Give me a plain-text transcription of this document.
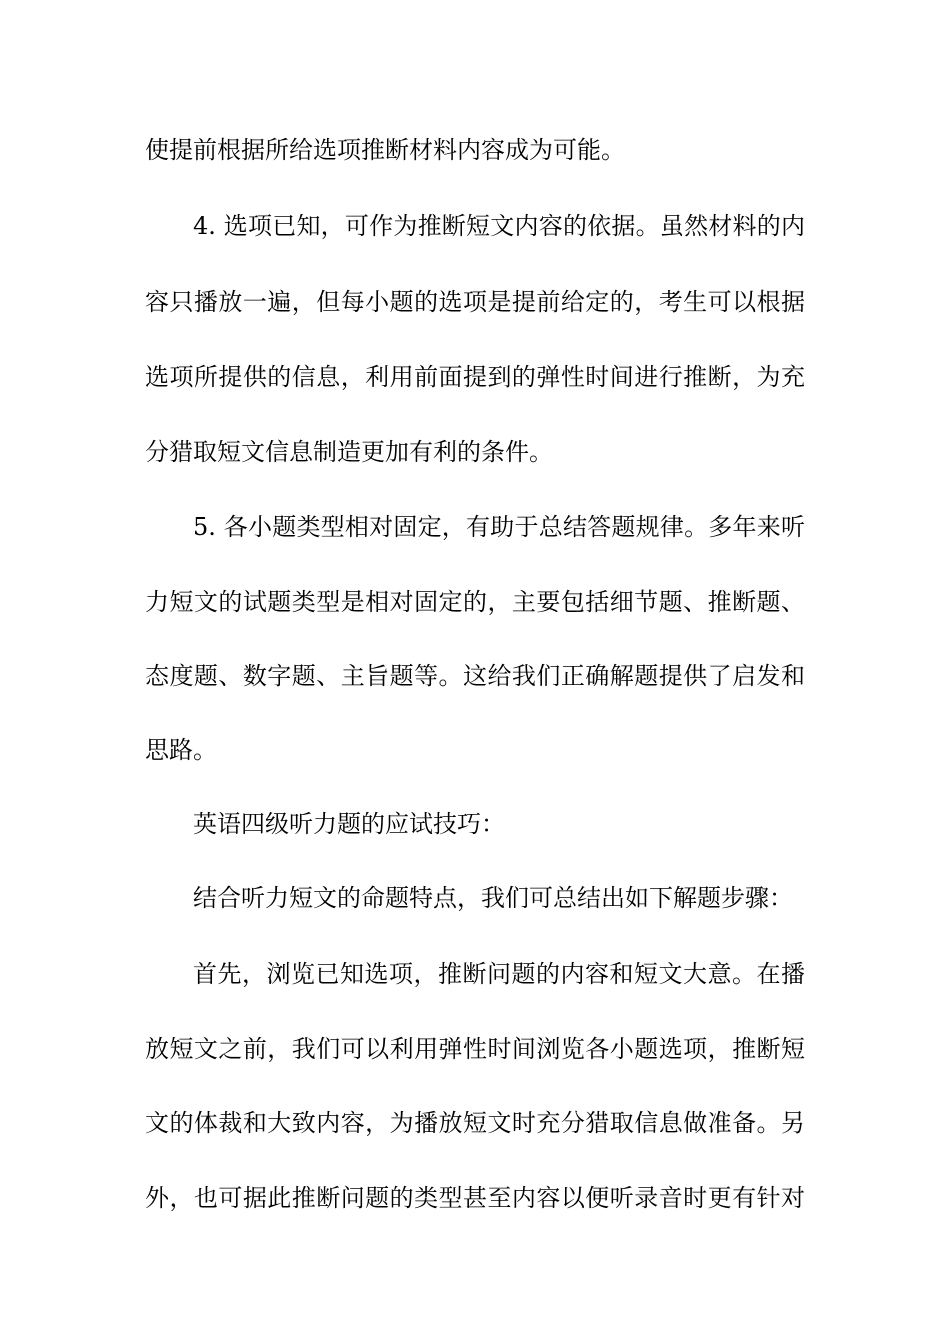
使提前根据所给选项推断材料内容成为可能。
4. 选项已知，可作为推断短文内容的依据。虽然材料的内
容只播放一遍，但每小题的选项是提前给定的，考生可以根据
选项所提供的信息，利用前面提到的弹性时间进行推断，为充
分猎取短文信息制造更加有利的条件。
5. 各小题类型相对固定，有助于总结答题规律。多年来听
力短文的试题类型是相对固定的，主要包括细节题、推断题、
态度题、数字题、主旨题等。这给我们正确解题提供了启发和
思路。
英语四级听力题的应试技巧：
结合听力短文的命题特点，我们可总结出如下解题步骤：
首先，浏览已知选项，推断问题的内容和短文大意。在播
放短文之前，我们可以利用弹性时间浏览各小题选项，推断短
文的体裁和大致内容，为播放短文时充分猎取信息做准备。另
外，也可据此推断问题的类型甚至内容以便听录音时更有针对
